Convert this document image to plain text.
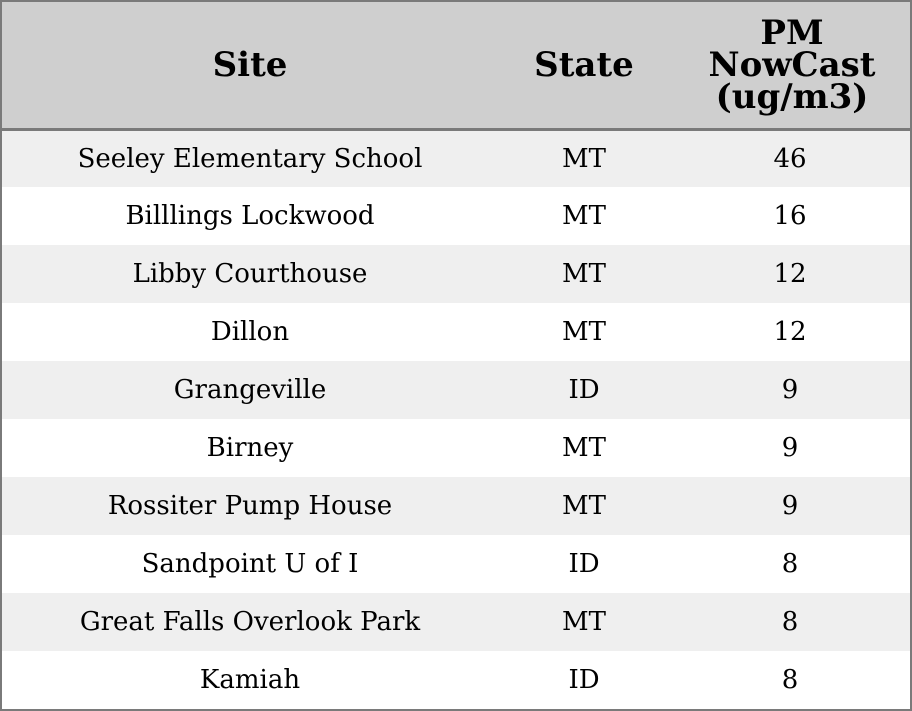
Site	State	PM
NowCast
(ug/m3)

Seeley Elementary School	MT	46
Billlings Lockwood	MT	16
Libby Courthouse	MT	12
Dillon	MT	12
Grangeville	ID	9
Birney	MT	9
Rossiter Pump House	MT	9
Sandpoint U of I	ID	8
Great Falls Overlook Park	MT	8
Kamiah	ID	8
